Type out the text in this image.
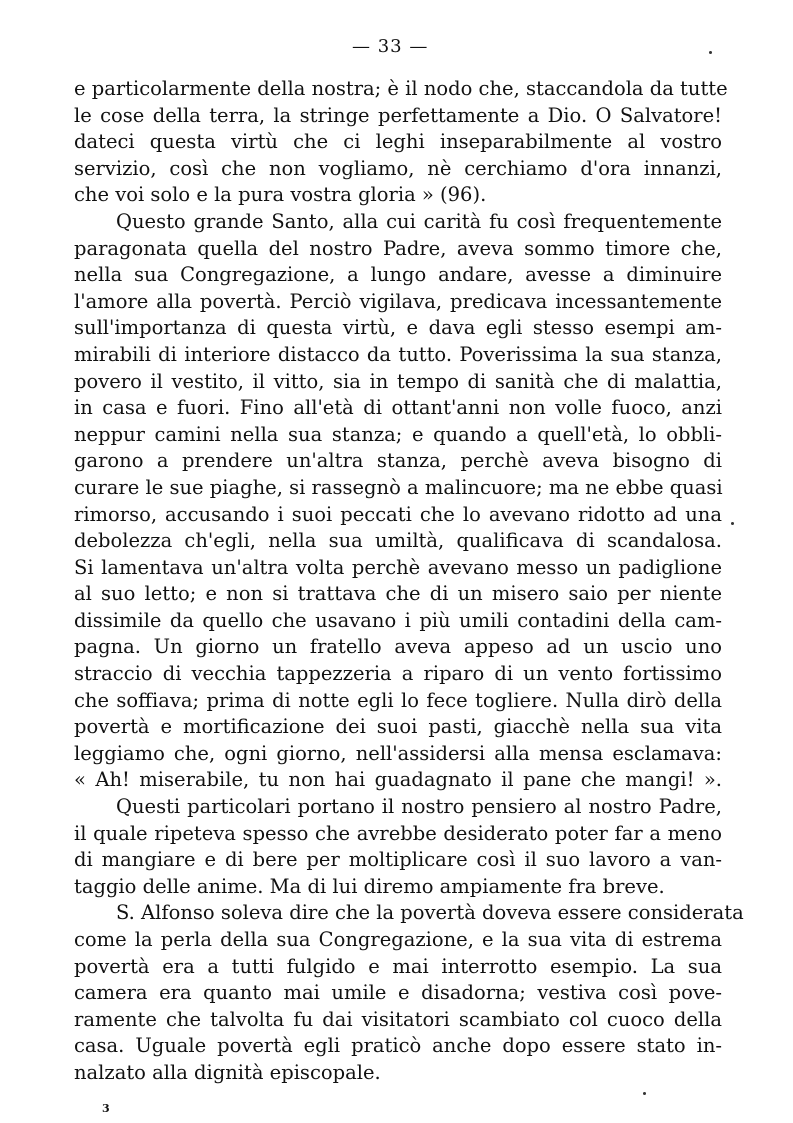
— 33 —
e particolarmente della nostra; è il nodo che, staccandola da tutte
le cose della terra, la stringe perfettamente a Dio. O Salvatore!
dateci questa virtù che ci leghi inseparabilmente al vostro
servizio, così che non vogliamo, nè cerchiamo d'ora innanzi,
che voi solo e la pura vostra gloria » (96).
Questo grande Santo, alla cui carità fu così frequentemente
paragonata quella del nostro Padre, aveva sommo timore che,
nella sua Congregazione, a lungo andare, avesse a diminuire
l'amore alla povertà. Perciò vigilava, predicava incessantemente
sull'importanza di questa virtù, e dava egli stesso esempi am-
mirabili di interiore distacco da tutto. Poverissima la sua stanza,
povero il vestito, il vitto, sia in tempo di sanità che di malattia,
in casa e fuori. Fino all'età di ottant'anni non volle fuoco, anzi
neppur camini nella sua stanza; e quando a quell'età, lo obbli-
garono a prendere un'altra stanza, perchè aveva bisogno di
curare le sue piaghe, si rassegnò a malincuore; ma ne ebbe quasi
rimorso, accusando i suoi peccati che lo avevano ridotto ad una
debolezza ch'egli, nella sua umiltà, qualificava di scandalosa.
Si lamentava un'altra volta perchè avevano messo un padiglione
al suo letto; e non si trattava che di un misero saio per niente
dissimile da quello che usavano i più umili contadini della cam-
pagna. Un giorno un fratello aveva appeso ad un uscio uno
straccio di vecchia tappezzeria a riparo di un vento fortissimo
che soffiava; prima di notte egli lo fece togliere. Nulla dirò della
povertà e mortificazione dei suoi pasti, giacchè nella sua vita
leggiamo che, ogni giorno, nell'assidersi alla mensa esclamava:
« Ah! miserabile, tu non hai guadagnato il pane che mangi! ».
Questi particolari portano il nostro pensiero al nostro Padre,
il quale ripeteva spesso che avrebbe desiderato poter far a meno
di mangiare e di bere per moltiplicare così il suo lavoro a van-
taggio delle anime. Ma di lui diremo ampiamente fra breve.
S. Alfonso soleva dire che la povertà doveva essere considerata
come la perla della sua Congregazione, e la sua vita di estrema
povertà era a tutti fulgido e mai interrotto esempio. La sua
camera era quanto mai umile e disadorna; vestiva così pove-
ramente che talvolta fu dai visitatori scambiato col cuoco della
casa. Uguale povertà egli praticò anche dopo essere stato in-
nalzato alla dignità episcopale.
3
